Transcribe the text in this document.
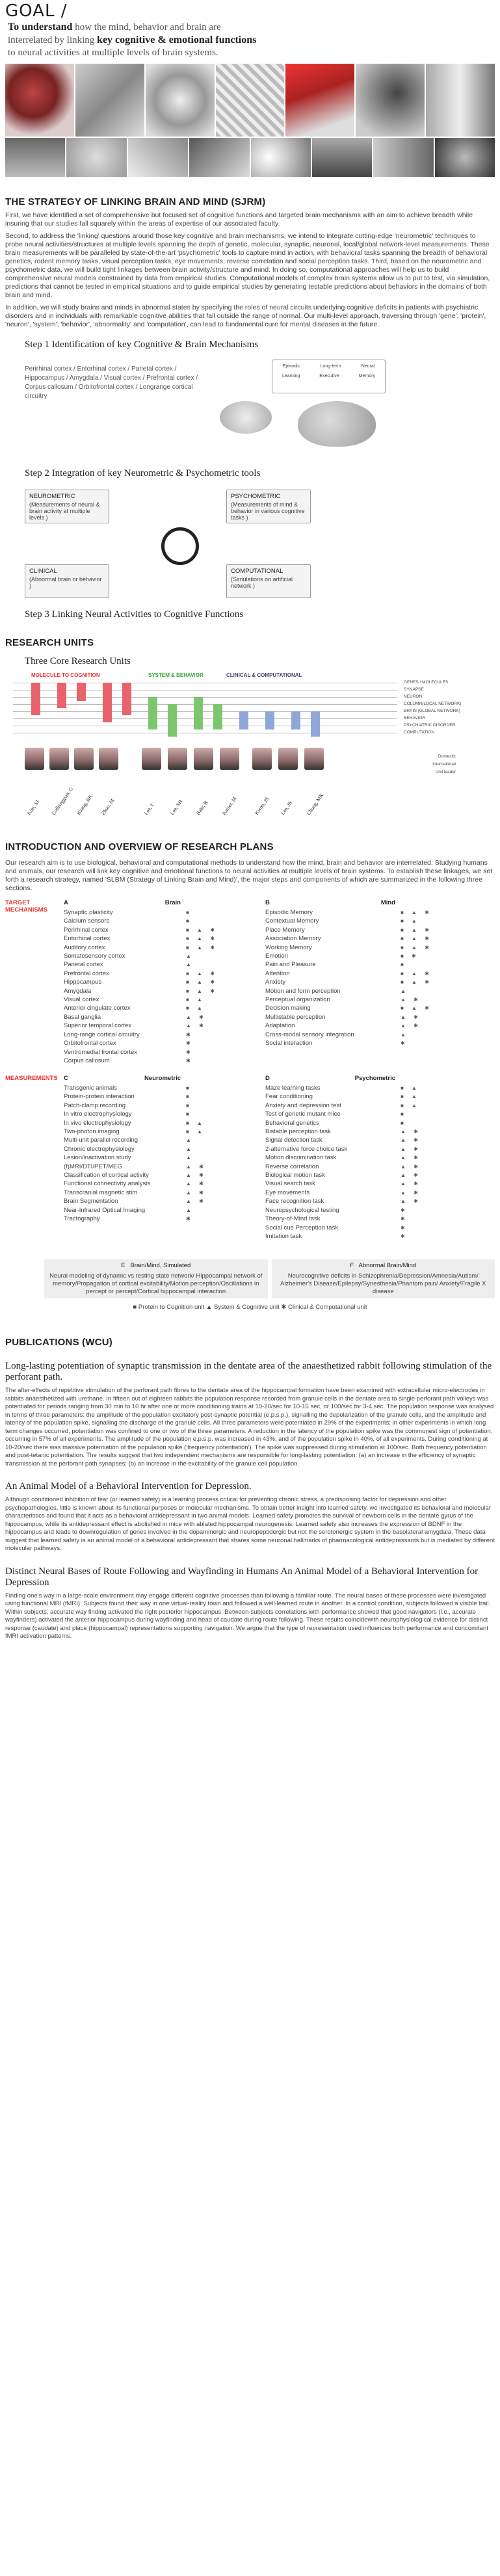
GOAL /
To understand how the mind, behavior and brain are
interrelated by linking key cognitive & emotional functions
to neural activities at multiple levels of brain systems.
THE STRATEGY OF LINKING BRAIN AND MIND (SJRM)

First, we have identified a set of comprehensive but focused set of cognitive functions and targeted brain mechanisms with an aim to achieve breadth while insuring that our studies fall squarely within the areas of expertise of our associated faculty.

Second, to address the 'linking' questions around those key cognitive and brain mechanisms, we intend to integrate cutting-edge 'neurometric' techniques to probe neural activities/structures at multiple levels spanning the depth of genetic, molecular, synaptic, neuronal, local/global network-level measurements. These brain measurements will be paralleled by state-of-the-art 'psychometric' tools to capture mind in action, with behavioral tasks spanning the breadth of behavioral genetics, rodent memory tasks, visual perception tasks, eye movements, reverse correlation and social perception tasks. Third, based on the neurometric and psychometric data, we will build tight linkages between brain activity/structure and mind. In doing so, computational approaches will help us to build comprehensive neural models constrained by data from empirical studies. Computational models of complex brain systems allow us to put to test, via simulation, predictions that cannot be tested in empirical situations and to guide empirical studies by generating testable predictions about behaviors in the domains of both brain and mind.

In addition, we will study brains and minds in abnormal states by specifying the roles of neural circuits underlying cognitive deficits in patients with psychiatric disorders and in individuals with remarkable cognitive abilities that fall outside the range of normal. Our multi-level approach, traversing through 'gene', 'protein', 'neuron', 'system', 'behavior', 'abnormality' and 'computation', can lead to fundamental cure for mental diseases in the future.

Step 1 Identification of key Cognitive & Brain Mechanisms
Perirhinal cortex / Entorhinal cortex / Parietal cortex /
Hippocampus / Amygdala / Visual cortex / Prefrontal cortex /
Corpus callosum / Orbitofrontal cortex / Longrange cortical circuitry
Episodic	Long-term	Neural
Learning	Executive	Memory
Step 2 Integration of key Neurometric & Psychometric tools
NEUROMETRIC
(Measurements of neural & brain activity at multiple levels )
PSYCHOMETRIC
(Measurements of mind & behavior in various cognitive tasks )
CLINICAL
(Abnormal brain or behavior )
COMPUTATIONAL
(Simulations on artificial network )
Step 3 Linking Neural Activities to Cognitive Functions
RESEARCH UNITS
Three Core Research Units
MOLECULE TO COGNITION	SYSTEM & BEHAVIOR	CLINICAL & COMPUTATIONAL
GENES / MOLECULES
SYNAPSE
NEURON
COLUMN(LOCAL NETWORK)
BRAIN (GLOBAL NETWORK)
BEHAVIOR
PSYCHIATRIC DISORDER
COMPUTATION
Kim, SJ Colliseggian, G Kaang, BK Zhuo, M	Lee, I	Lee, SH Bakr, R Kaiser, M	Kwon, JS Lee, JS Chung, MK
Domestic
International
Unit leader
INTRODUCTION AND OVERVIEW OF RESEARCH PLANS

Our research aim is to use biological, behavioral and computational methods to understand how the mind, brain and behavior are interrelated. Studying humans and animals, our research will link key cognitive and emotional functions to neural activities at multiple levels of brain systems. To establish these linkages, we set forth a research strategy, named 'SLBM (Strategy of Linking Brain and Mind)', the major steps and components of which are summarized in the following three sections.

TARGET
MECHANISMS
A	Brain
Synaptic plasticity	■
Calcium sensors	■
Perirhinal cortex	■ ▲ ✱
Entorhinal cortex	■ ▲ ✱
Auditory cortex	■ ▲ ✱
Somatosensory cortex	▲
Parietal cortex	▲
Prefrontal cortex	■ ▲ ✱
Hippocampus	■ ▲ ✱
Amygdala	■ ▲ ✱
Visual cortex	■ ▲
Anterior cingulate cortex	■ ▲
Basal ganglia	▲ ✱
Superior temporal cortex	▲ ✱
Long-range cortical circuitry	✱
Orbitofrontal cortex	✱
Ventromedial frontal cortex	✱
Corpus callosum	✱
B	Mind
Episodic Memory	■ ▲ ✱
Contextual Memory	■ ▲
Place Memory	■ ▲ ✱
Association Memory	■ ▲ ✱
Working Memory	■ ▲ ✱
Emotion	■ ✱
Pain and Pleasure	■
Attention	■ ▲ ✱
Anxiety	■ ▲ ✱
Motion and form perception	▲
Perceptual organization	▲ ✱
Decision making	■ ▲ ✱
Multistable perception	▲ ✱
Adaptation	▲ ✱
Cross-modal sensory integration	▲
Social interaction	✱
MEASUREMENTS C	Neurometric
Transgenic animals	■
Protein-protein interaction	■
Patch-clamp recording	■
In vitro electrophysiology	■
In vivo electrophysiology	■ ▲
Two-photon imaging	■ ▲
Multi-unit parallel recording	▲
Chronic electrophysiology	▲
Lesion/inactivation study	▲
(f)MRI/DTI/PET/MEG	▲ ✱
Classification of cortical activity	▲ ✱
Functional connectivity analysis	▲ ✱
Transcranial magnetic stim	▲ ✱
Brain Segmentation	▲ ✱
Near-Infrared Optical Imaging	▲
Tractography	✱
D	Psychometric
Maze learning tasks	■ ▲
Fear conditioning	■ ▲
Anxiety and depression test	■ ▲
Test of genetic mutant mice	■
Behavioral genetics	■
Bistable perception task	▲ ✱
Signal detection task	▲ ✱
2-alternative force choice task	▲ ✱
Motion discrimination task	▲ ✱
Reverse correlation	▲ ✱
Biological motion task	▲ ✱
Visual search task	▲ ✱
Eye movements	▲ ✱
Face recognition task	▲ ✱
Neuropsychological testing	✱
Theory-of-Mind task	✱
Social cue Perception task	✱
Imitation task	✱
E Brain/Mind, Simulated
Neural modeling of dynamic vs resting state network/ Hippocampal network of memory/Propagation of cortical excitability/Motion perception/Oscillations in percept or percept/Cortical hippocampal interaction
F Abnormal Brain/Mind
Neurocognitive deficits in Schizophrenia/Depression/Amnesia/Autism/ Alzheimer's Disease/Epilepsy/Synesthesia/Phantom pain/ Anxiety/Fragile X disease
■ Protein to Cognition unit ▲ System & Cognitive unit ✱ Clinical & Computational unit
PUBLICATIONS (WCU)
Long-lasting potentiation of synaptic transmission in the dentate area of the anaesthetized rabbit following stimulation of the perforant path.

The after-effects of repetitive stimulation of the perforant path fibres to the dentate area of the hippocampal formation have been examined with extracellular micro-electrodes in rabbits anaesthetized with urethane. In fifteen out of eighteen rabbits the population response recorded from granule cells in the dentate area to single perforant path volleys was potentiated for periods ranging from 30 min to 10 hr after one or more conditioning trains at 10-20/sec for 10-15 sec, or 100/sec for 3-4 sec. The population response was analysed in terms of three parameters: the amplitude of the population excitatory post-synaptic potential (e.p.s.p.), signalling the depolarization of the granule cells, and the amplitude and latency of the population spike, signalling the discharge of the granule cells. All three parameters were potentiated in 29% of the experiments; in other experiments in which long term changes occurred, potentiation was confined to one or two of the three parameters. A reduction in the latency of the population spike was the commonest sign of potentiation, occurring in 57% of all experiments. The amplitude of the population e.p.s.p. was increased in 43%, and of the population spike in 40%, of all experiments. During conditioning at 10-20/sec there was massive potentiation of the population spike ('frequency potentiation'). The spike was suppressed during stimulation at 100/sec. Both frequency potentiation and post-tetanic potentiation. The results suggest that two independent mechanisms are responsible for long-lasting potentiation: (a) an increase in the efficiency of synaptic transmission at the perforant path synapses; (b) an increase in the excitability of the granule cell population.

An Animal Model of a Behavioral Intervention for Depression.

Although conditioned inhibition of fear (or learned safety) is a learning process critical for preventing chronic stress, a predisposing factor for depression and other psychopathologies, little is known about its functional purposes or molecular mechanisms. To obtain better insight into learned safety, we investigated its behavioral and molecular characteristics and found that it acts as a behavioral antidepressant in two animal models. Learned safety promotes the survival of newborn cells in the dentate gyrus of the hippocampus, while its antidepressant effect is abolished in mice with ablated hippocampal neurogenesis. Learned safety also increases the expression of BDNF in the hippocampus and leads to downregulation of genes involved in the dopaminergic and neuropeptidergic but not the serotonergic system in the basolateral amygdala. These data suggest that learned safety is an animal model of a behavioral antidepressant that shares some neuronal hallmarks of pharmacological antidepressants but is mediated by different molecular pathways.

Distinct Neural Bases of Route Following and Wayfinding in Humans An Animal Model of a Behavioral Intervention for Depression

Finding one's way in a large-scale environment may engage different cognitive processes than following a familiar route. The neural bases of these processes were investigated using functional MRI (fMRI). Subjects found their way in one virtual-reality town and followed a well-learned route in another. In a control condition, subjects followed a visible trail. Within subjects, accurate way finding activated the right posterior hippocampus. Between-subjects correlations with performance showed that good navigators (i.e., accurate wayfinders) activated the anterior hippocampus during wayfinding and head of caudate during route following. These results coincidewith neurophysiological evidence for distinct response (caudate) and place (hippocampal) representations supporting navigation. We argue that the type of representation used influences both performance and concomitant fMRI activation patterns.
